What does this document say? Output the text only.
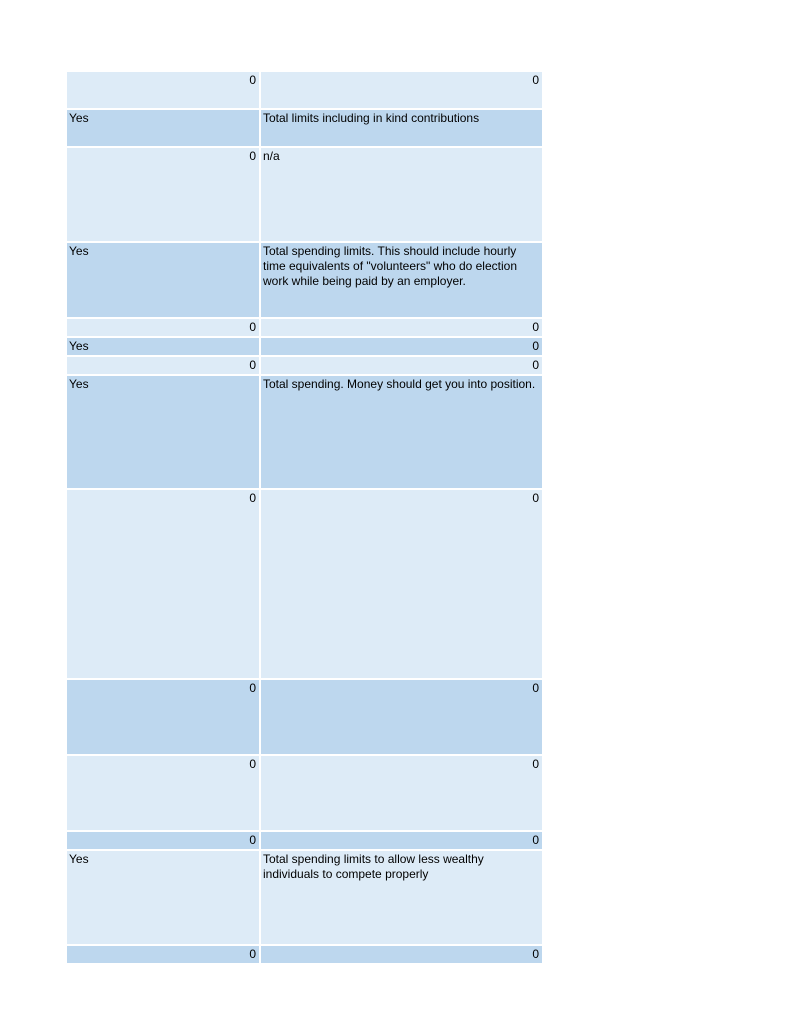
0	0
Yes	Total limits including in kind contributions
0 n/a
Yes	Total spending limits. This should include hourly time equivalents of "volunteers" who do election work while being paid by an employer.
0	0
Yes	0
0	0
Yes	Total spending. Money should get you into position.
0	0
0	0
0	0
0	0
Yes	Total spending limits to allow less wealthy individuals to compete properly
0	0
